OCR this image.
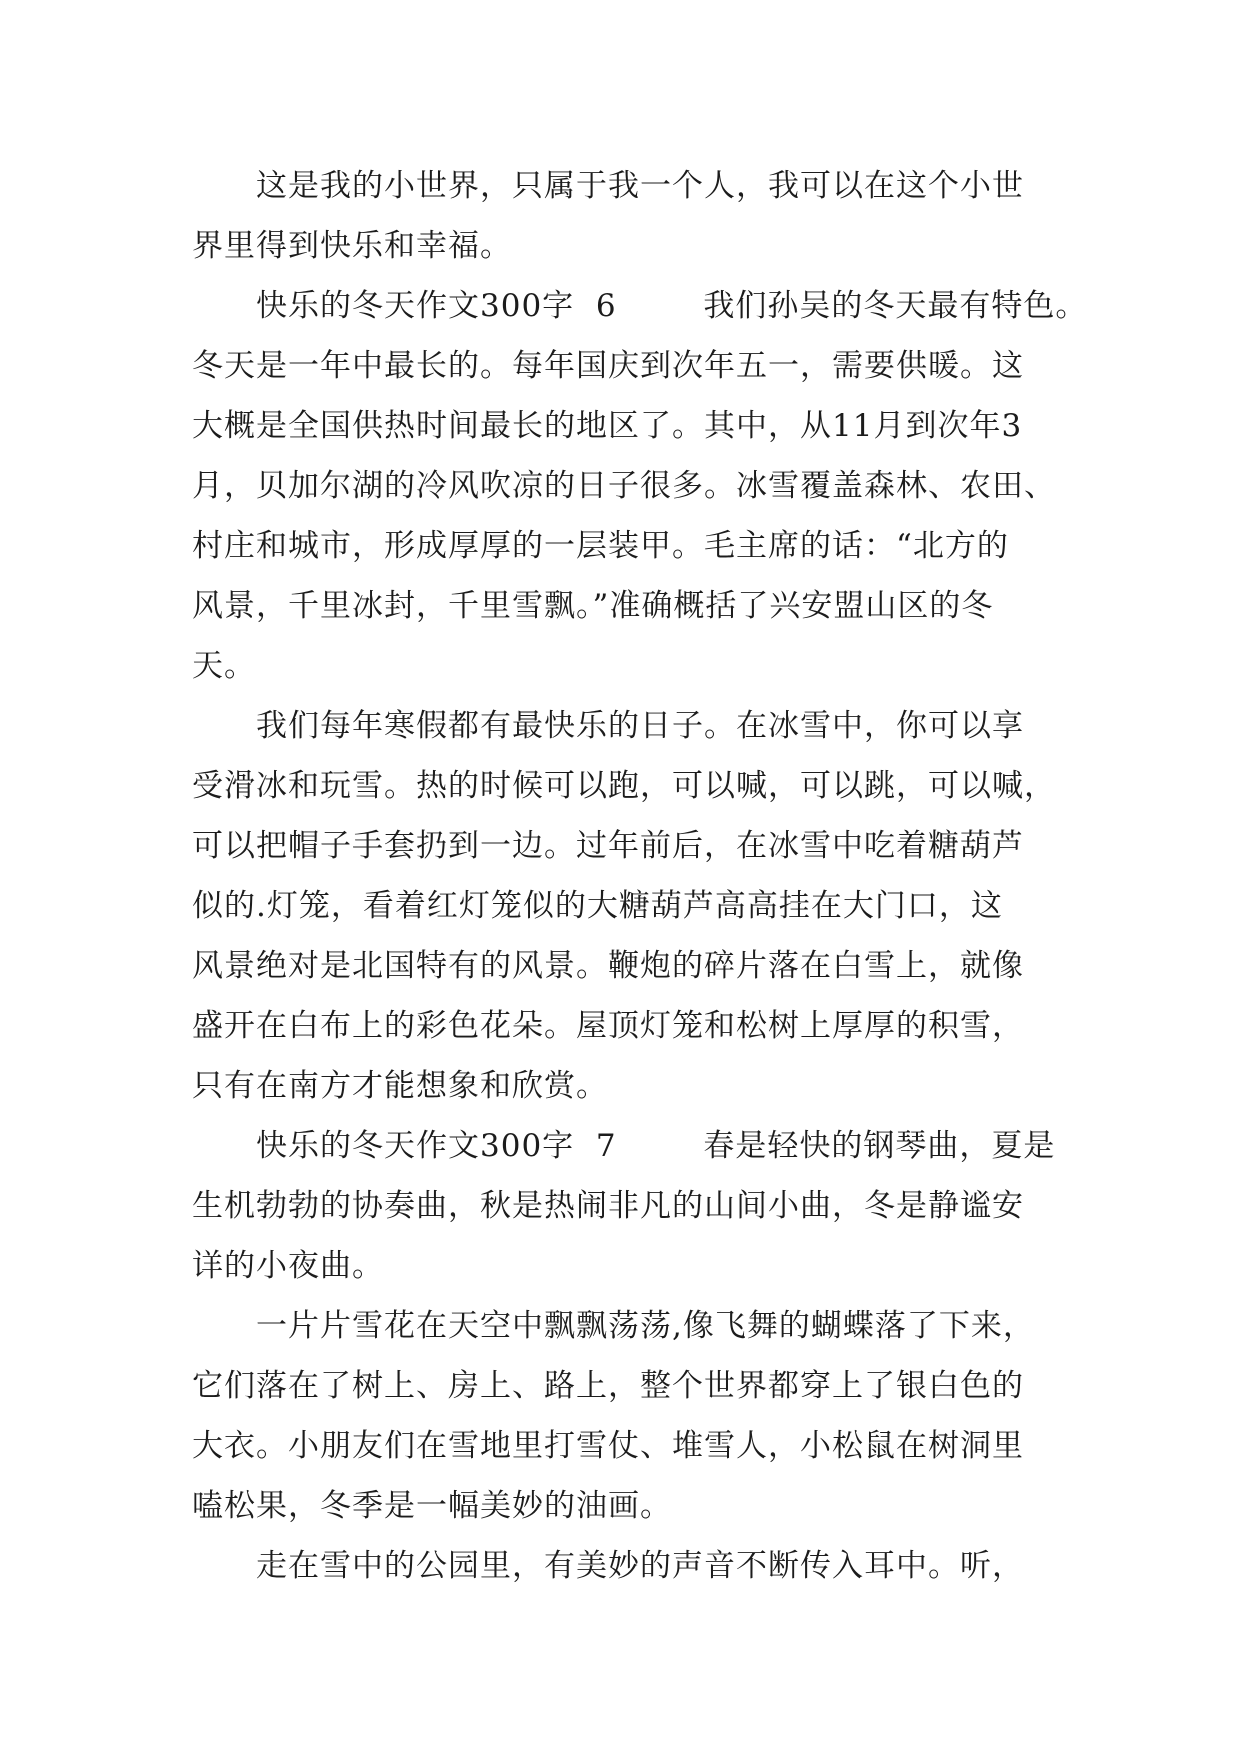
这是我的小世界，只属于我一个人，我可以在这个小世
界里得到快乐和幸福。
快乐的冬天作文300字  6        我们孙吴的冬天最有特色。
冬天是一年中最长的。每年国庆到次年五一，需要供暖。这
大概是全国供热时间最长的地区了。其中，从11月到次年3
月，贝加尔湖的冷风吹凉的日子很多。冰雪覆盖森林、农田、
村庄和城市，形成厚厚的一层装甲。毛主席的话：“北方的
风景，千里冰封，千里雪飘。”准确概括了兴安盟山区的冬
天。
我们每年寒假都有最快乐的日子。在冰雪中，你可以享
受滑冰和玩雪。热的时候可以跑，可以喊，可以跳，可以喊，
可以把帽子手套扔到一边。过年前后，在冰雪中吃着糖葫芦
似的.灯笼，看着红灯笼似的大糖葫芦高高挂在大门口，这
风景绝对是北国特有的风景。鞭炮的碎片落在白雪上，就像
盛开在白布上的彩色花朵。屋顶灯笼和松树上厚厚的积雪，
只有在南方才能想象和欣赏。
快乐的冬天作文300字  7        春是轻快的钢琴曲，夏是
生机勃勃的协奏曲，秋是热闹非凡的山间小曲，冬是静谧安
详的小夜曲。
一片片雪花在天空中飘飘荡荡,像飞舞的蝴蝶落了下来，
它们落在了树上、房上、路上，整个世界都穿上了银白色的
大衣。小朋友们在雪地里打雪仗、堆雪人，小松鼠在树洞里
嗑松果，冬季是一幅美妙的油画。
走在雪中的公园里，有美妙的声音不断传入耳中。听，
